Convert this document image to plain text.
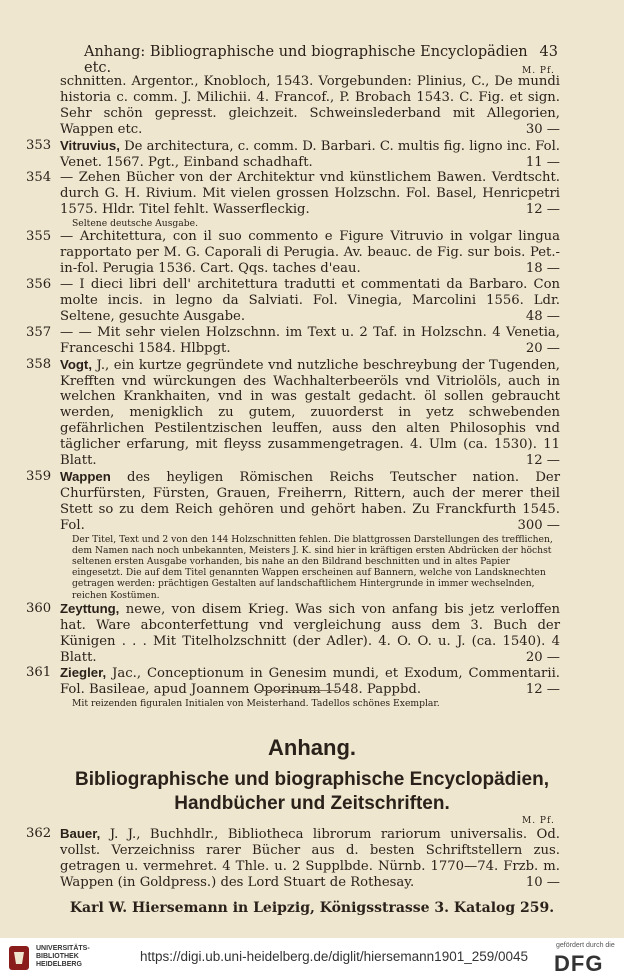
Anhang: Bibliographische und biographische Encyclopädien etc.
43
M. Pf.
schnitten. Argentor., Knobloch, 1543. Vorgebunden: Plinius, C., De mundi historia c. comm. J. Milichii. 4. Francof., P. Brobach 1543. C. Fig. et sign. Sehr schön gepresst. gleichzeit. Schweinslederband mit Allegorien, Wappen etc.	30 —
353 Vitruvius, De architectura, c. comm. D. Barbari. C. multis fig. ligno inc. Fol. Venet. 1567. Pgt., Einband schadhaft.	11 —
354 — Zehen Bücher von der Architektur vnd künstlichem Bawen. Verdtscht. durch G. H. Rivium. Mit vielen grossen Holzschn. Fol. Basel, Henricpetri 1575. Hldr. Titel fehlt. Wasserfleckig.	12 —
Seltene deutsche Ausgabe.
355 — Architettura, con il suo commento e Figure Vitruvio in volgar lingua rapportato per M. G. Caporali di Perugia. Av. beauc. de Fig. sur bois. Pet.-in-fol. Perugia 1536. Cart. Qqs. taches d'eau.	18 —
356 — I dieci libri dell' architettura tradutti et commentati da Barbaro. Con molte incis. in legno da Salviati. Fol. Vinegia, Marcolini 1556. Ldr. Seltene, gesuchte Ausgabe.	48 —
357 — — Mit sehr vielen Holzschnn. im Text u. 2 Taf. in Holzschn. 4 Venetia, Franceschi 1584. Hlbpgt.	20 —
358 Vogt, J., ein kurtze gegründete vnd nutzliche beschreybung der Tugenden, Krefften vnd würckungen des Wachhalterbeeröls vnd Vitriolöls, auch in welchen Krankhaiten, vnd in was gestalt gedacht. öl sollen gebraucht werden, menigklich zu gutem, zuuorderst in yetz schwebenden gefährlichen Pestilentzischen leuffen, auss den alten Philosophis vnd täglicher erfarung, mit fleyss zusammengetragen. 4. Ulm (ca. 1530). 11 Blatt.	12 —
359 Wappen des heyligen Römischen Reichs Teutscher nation. Der Churfürsten, Fürsten, Grauen, Freiherrn, Rittern, auch der merer theil Stett so zu dem Reich gehören und gehört haben. Zu Franckfurth 1545. Fol.	300 —
Der Titel, Text und 2 von den 144 Holzschnitten fehlen. Die blattgrossen Darstellungen des trefflichen, dem Namen nach noch unbekannten, Meisters J. K. sind hier in kräftigen ersten Abdrücken der höchst seltenen ersten Ausgabe vorhanden, bis nahe an den Bildrand beschnitten und in altes Papier eingesetzt. Die auf dem Titel genannten Wappen erscheinen auf Bannern, welche von Landsknechten getragen werden: prächtigen Gestalten auf landschaftlichem Hintergrunde in immer wechselnden, reichen Kostümen.
360 Zeyttung, newe, von disem Krieg. Was sich von anfang bis jetz verloffen hat. Ware abconterfettung vnd vergleichung auss dem 3. Buch der Künigen . . . Mit Titelholzschnitt (der Adler). 4. O. O. u. J. (ca. 1540). 4 Blatt.	20 —
361 Ziegler, Jac., Conceptionum in Genesim mundi, et Exodum, Commentarii. Fol. Basileae, apud Joannem Oporinum 1548. Pappbd.	12 —
Mit reizenden figuralen Initialen von Meisterhand. Tadellos schönes Exemplar.
Anhang.
Bibliographische und biographische Encyclopädien,
Handbücher und Zeitschriften.
M. Pf.
362 Bauer, J. J., Buchhdlr., Bibliotheca librorum rariorum universalis. Od. vollst. Verzeichniss rarer Bücher aus d. besten Schriftstellern zus. getragen u. vermehret. 4 Thle. u. 2 Supplbde. Nürnb. 1770—74. Frzb. m. Wappen (in Goldpress.) des Lord Stuart de Rothesay.	10 —
Karl W. Hiersemann in Leipzig, Königsstrasse 3. Katalog 259.
UNIVERSITÄTS-
BIBLIOTHEK
HEIDELBERG
https://digi.ub.uni-heidelberg.de/diglit/hiersemann1901_259/0045
gefördert durch die
DFG
